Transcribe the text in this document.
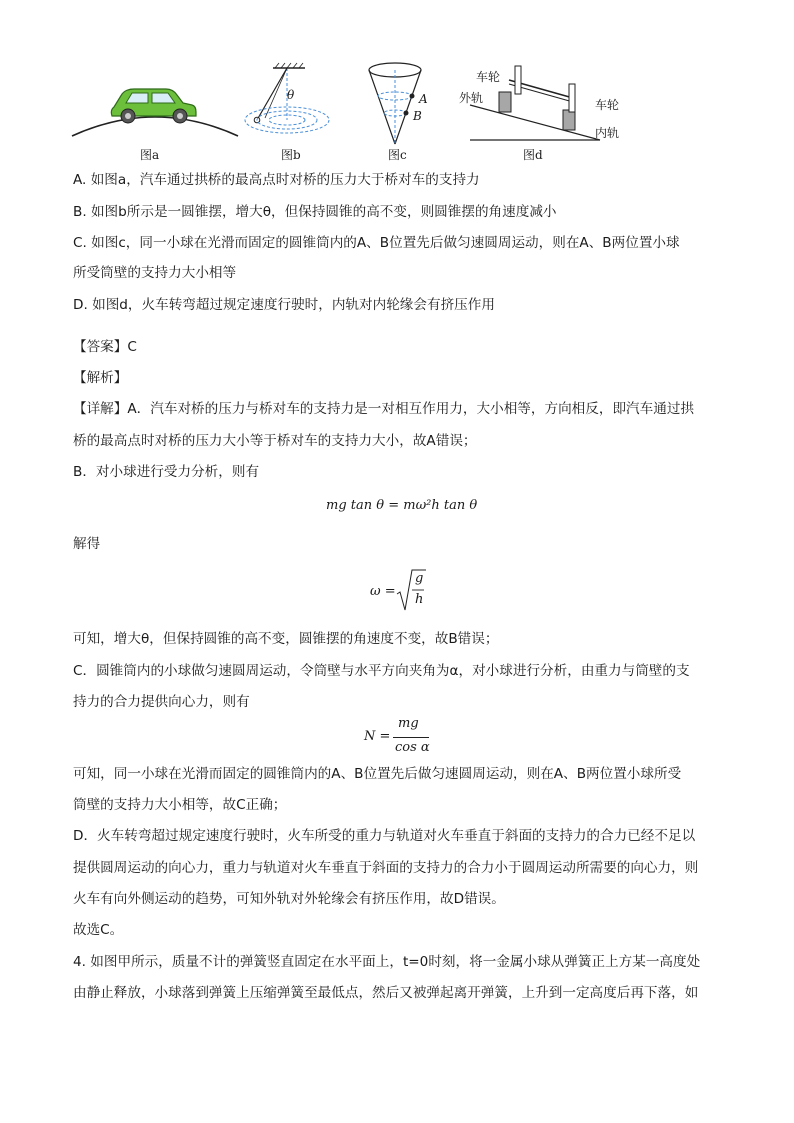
图a
θ
图b
A
B
图c
车轮
外轨	车轮
内轨
图d
A. 如图a，汽车通过拱桥的最高点时对桥的压力大于桥对车的支持力
B. 如图b所示是一圆锥摆，增大θ，但保持圆锥的高不变，则圆锥摆的角速度减小
C. 如图c，同一小球在光滑而固定的圆锥筒内的A、B位置先后做匀速圆周运动，则在A、B两位置小球
所受筒壁的支持力大小相等
D. 如图d，火车转弯超过规定速度行驶时，内轨对内轮缘会有挤压作用
【答案】C
【解析】
【详解】A．汽车对桥的压力与桥对车的支持力是一对相互作用力，大小相等，方向相反，即汽车通过拱
桥的最高点时对桥的压力大小等于桥对车的支持力大小，故A错误；
B．对小球进行受力分析，则有
mg tan θ = mω²h tan θ
解得
ω =
g
h
可知，增大θ，但保持圆锥的高不变，圆锥摆的角速度不变，故B错误；
C．圆锥筒内的小球做匀速圆周运动，令筒壁与水平方向夹角为α，对小球进行分析，由重力与筒壁的支
持力的合力提供向心力，则有
N =
mg
cos α
可知，同一小球在光滑而固定的圆锥筒内的A、B位置先后做匀速圆周运动，则在A、B两位置小球所受
筒壁的支持力大小相等，故C正确；
D．火车转弯超过规定速度行驶时，火车所受的重力与轨道对火车垂直于斜面的支持力的合力已经不足以
提供圆周运动的向心力，重力与轨道对火车垂直于斜面的支持力的合力小于圆周运动所需要的向心力，则
火车有向外侧运动的趋势，可知外轨对外轮缘会有挤压作用，故D错误。
故选C。
4. 如图甲所示，质量不计的弹簧竖直固定在水平面上，t=0时刻，将一金属小球从弹簧正上方某一高度处
由静止释放，小球落到弹簧上压缩弹簧至最低点，然后又被弹起离开弹簧，上升到一定高度后再下落，如
